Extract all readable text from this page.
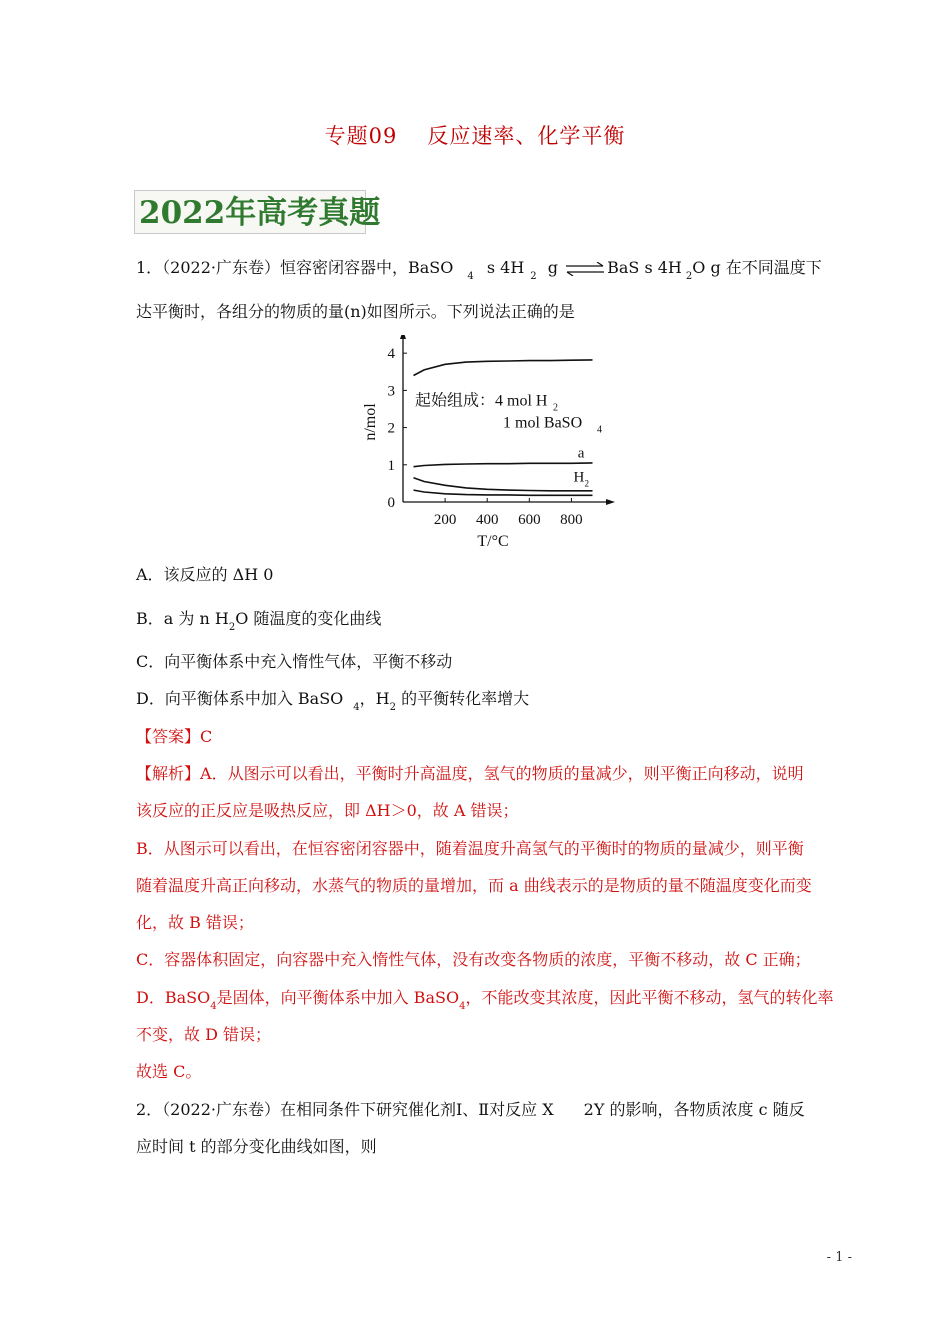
专题09 反应速率、化学平衡
2022年高考真题
1．（2022·广东卷）恒容密闭容器中，BaSO $_4$ s 4H $_2$ g ⇌ BaS s 4H $_2$O g 在不同温度下
达平衡时，各组分的物质的量(n)如图所示。下列说法正确的是
0
1
2
3
4
200 400 600 800
n/mol
T/°C
起始组成：4 mol H 2
1 mol BaSO 4
a
H 2
A．该反应的 ΔH 0
B．a 为 n $H_2O$ 随温度的变化曲线
C．向平衡体系中充入惰性气体，平衡不移动
D．向平衡体系中加入 BaSO $_4$，$H_2$ 的平衡转化率增大
【答案】C
【解析】A．从图示可以看出，平衡时升高温度，氢气的物质的量减少，则平衡正向移动，说明
该反应的正反应是吸热反应，即 ΔH＞0，故 A 错误；
B．从图示可以看出，在恒容密闭容器中，随着温度升高氢气的平衡时的物质的量减少，则平衡
随着温度升高正向移动，水蒸气的物质的量增加，而 a 曲线表示的是物质的量不随温度变化而变
化，故 B 错误；
C．容器体积固定，向容器中充入惰性气体，没有改变各物质的浓度，平衡不移动，故 C 正确；
D．BaSO$_4$是固体，向平衡体系中加入 BaSO$_4$，不能改变其浓度，因此平衡不移动，氢气的转化率
不变，故 D 错误；
故选 C。
2．（2022·广东卷）在相同条件下研究催化剂Ⅰ、Ⅱ对反应 X 2Y 的影响，各物质浓度 c 随反
应时间 t 的部分变化曲线如图，则
- 1 -
